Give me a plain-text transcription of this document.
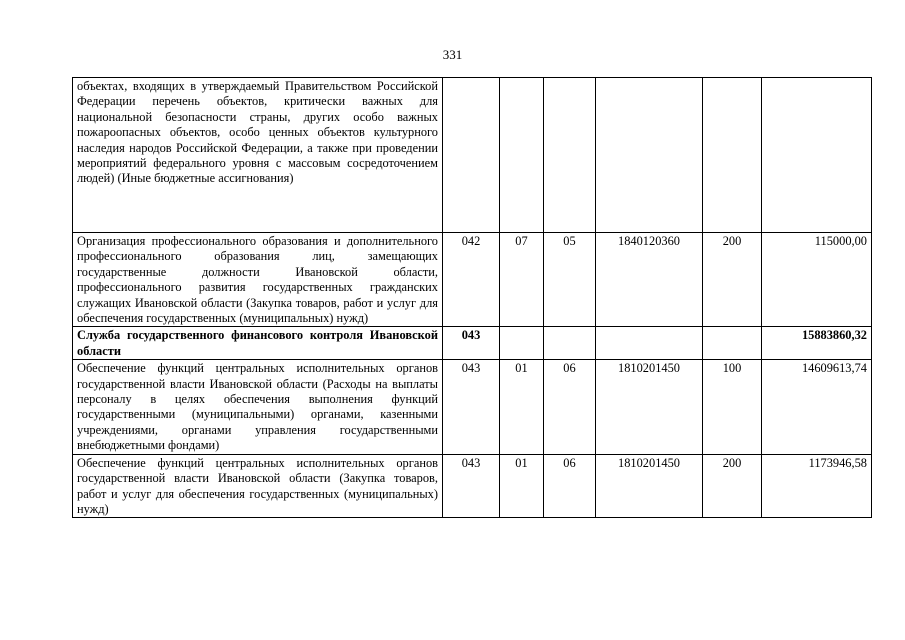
331
объектах, входящих в утверждаемый Правительством Российской Федерации перечень объектов, критически важных для национальной безопасности страны, других особо важных пожароопасных объектов, особо ценных объектов культурного наследия народов Российской Федерации, а также при проведении мероприятий федерального уровня с массовым сосредоточением людей) (Иные бюджетные ассигнования)						
Организация профессионального образования и дополнительного профессионального образования лиц, замещающих государственные должности Ивановской области, профессионального развития государственных гражданских служащих Ивановской области (Закупка товаров, работ и услуг для обеспечения государственных (муниципальных) нужд)	042	07	05	1840120360	200	115000,00
Служба государственного финансового контроля Ивановской области	043					15883860,32
Обеспечение функций центральных исполнительных органов государственной власти Ивановской области (Расходы на выплаты персоналу в целях обеспечения выполнения функций государственными (муниципальными) органами, казенными учреждениями, органами управления государственными внебюджетными фондами)	043	01	06	1810201450	100	14609613,74
Обеспечение функций центральных исполнительных органов государственной власти Ивановской области (Закупка товаров, работ и услуг для обеспечения государственных (муниципальных) нужд)	043	01	06	1810201450	200	1173946,58
